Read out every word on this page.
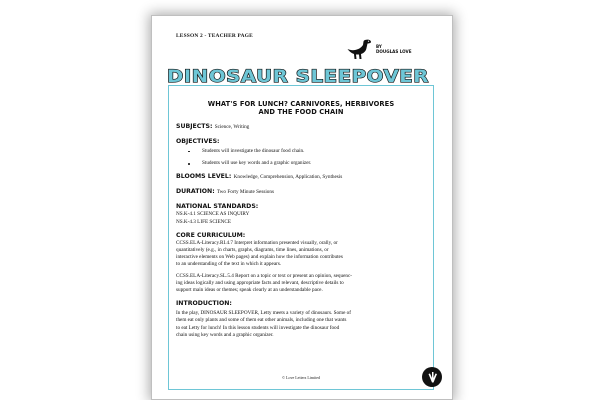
LESSON 2 - TEACHER PAGE
BY
DOUGLAS LOVE
DINOSAUR SLEEPOVER
WHAT'S FOR LUNCH? CARNIVORES, HERBIVORES
AND THE FOOD CHAIN
SUBJECTS: Science, Writing
OBJECTIVES:
Students will investigate the dinosaur food chain.
Students will use key words and a graphic organizer.
BLOOMS LEVEL: Knowledge, Comprehension, Application, Synthesis
DURATION: Two Forty Minute Sessions
NATIONAL STANDARDS:

NS.K-4.1 SCIENCE AS INQUIRY

NS.K-4.3 LIFE SCIENCE

CORE CURRICULUM:

CCSS.ELA-Literacy.RI.4.7 Interpret information presented visually, orally, or

quantitatively (e.g., in charts, graphs, diagrams, time lines, animations, or

interactive elements on Web pages) and explain how the information contributes

to an understanding of the text in which it appears.

CCSS.ELA-Literacy.SL.5.4 Report on a topic or text or present an opinion, sequenc-

ing ideas logically and using appropriate facts and relevant, descriptive details to

support main ideas or themes; speak clearly at an understandable pace.

INTRODUCTION:

In the play, DINOSAUR SLEEPOVER, Letty meets a variety of dinosaurs. Some of

them eat only plants and some of them eat other animals, including one that wants

to eat Letty for lunch! In this lesson students will investigate the dinosaur food

chain using key words and a graphic organizer.

© Love Letters Limited
